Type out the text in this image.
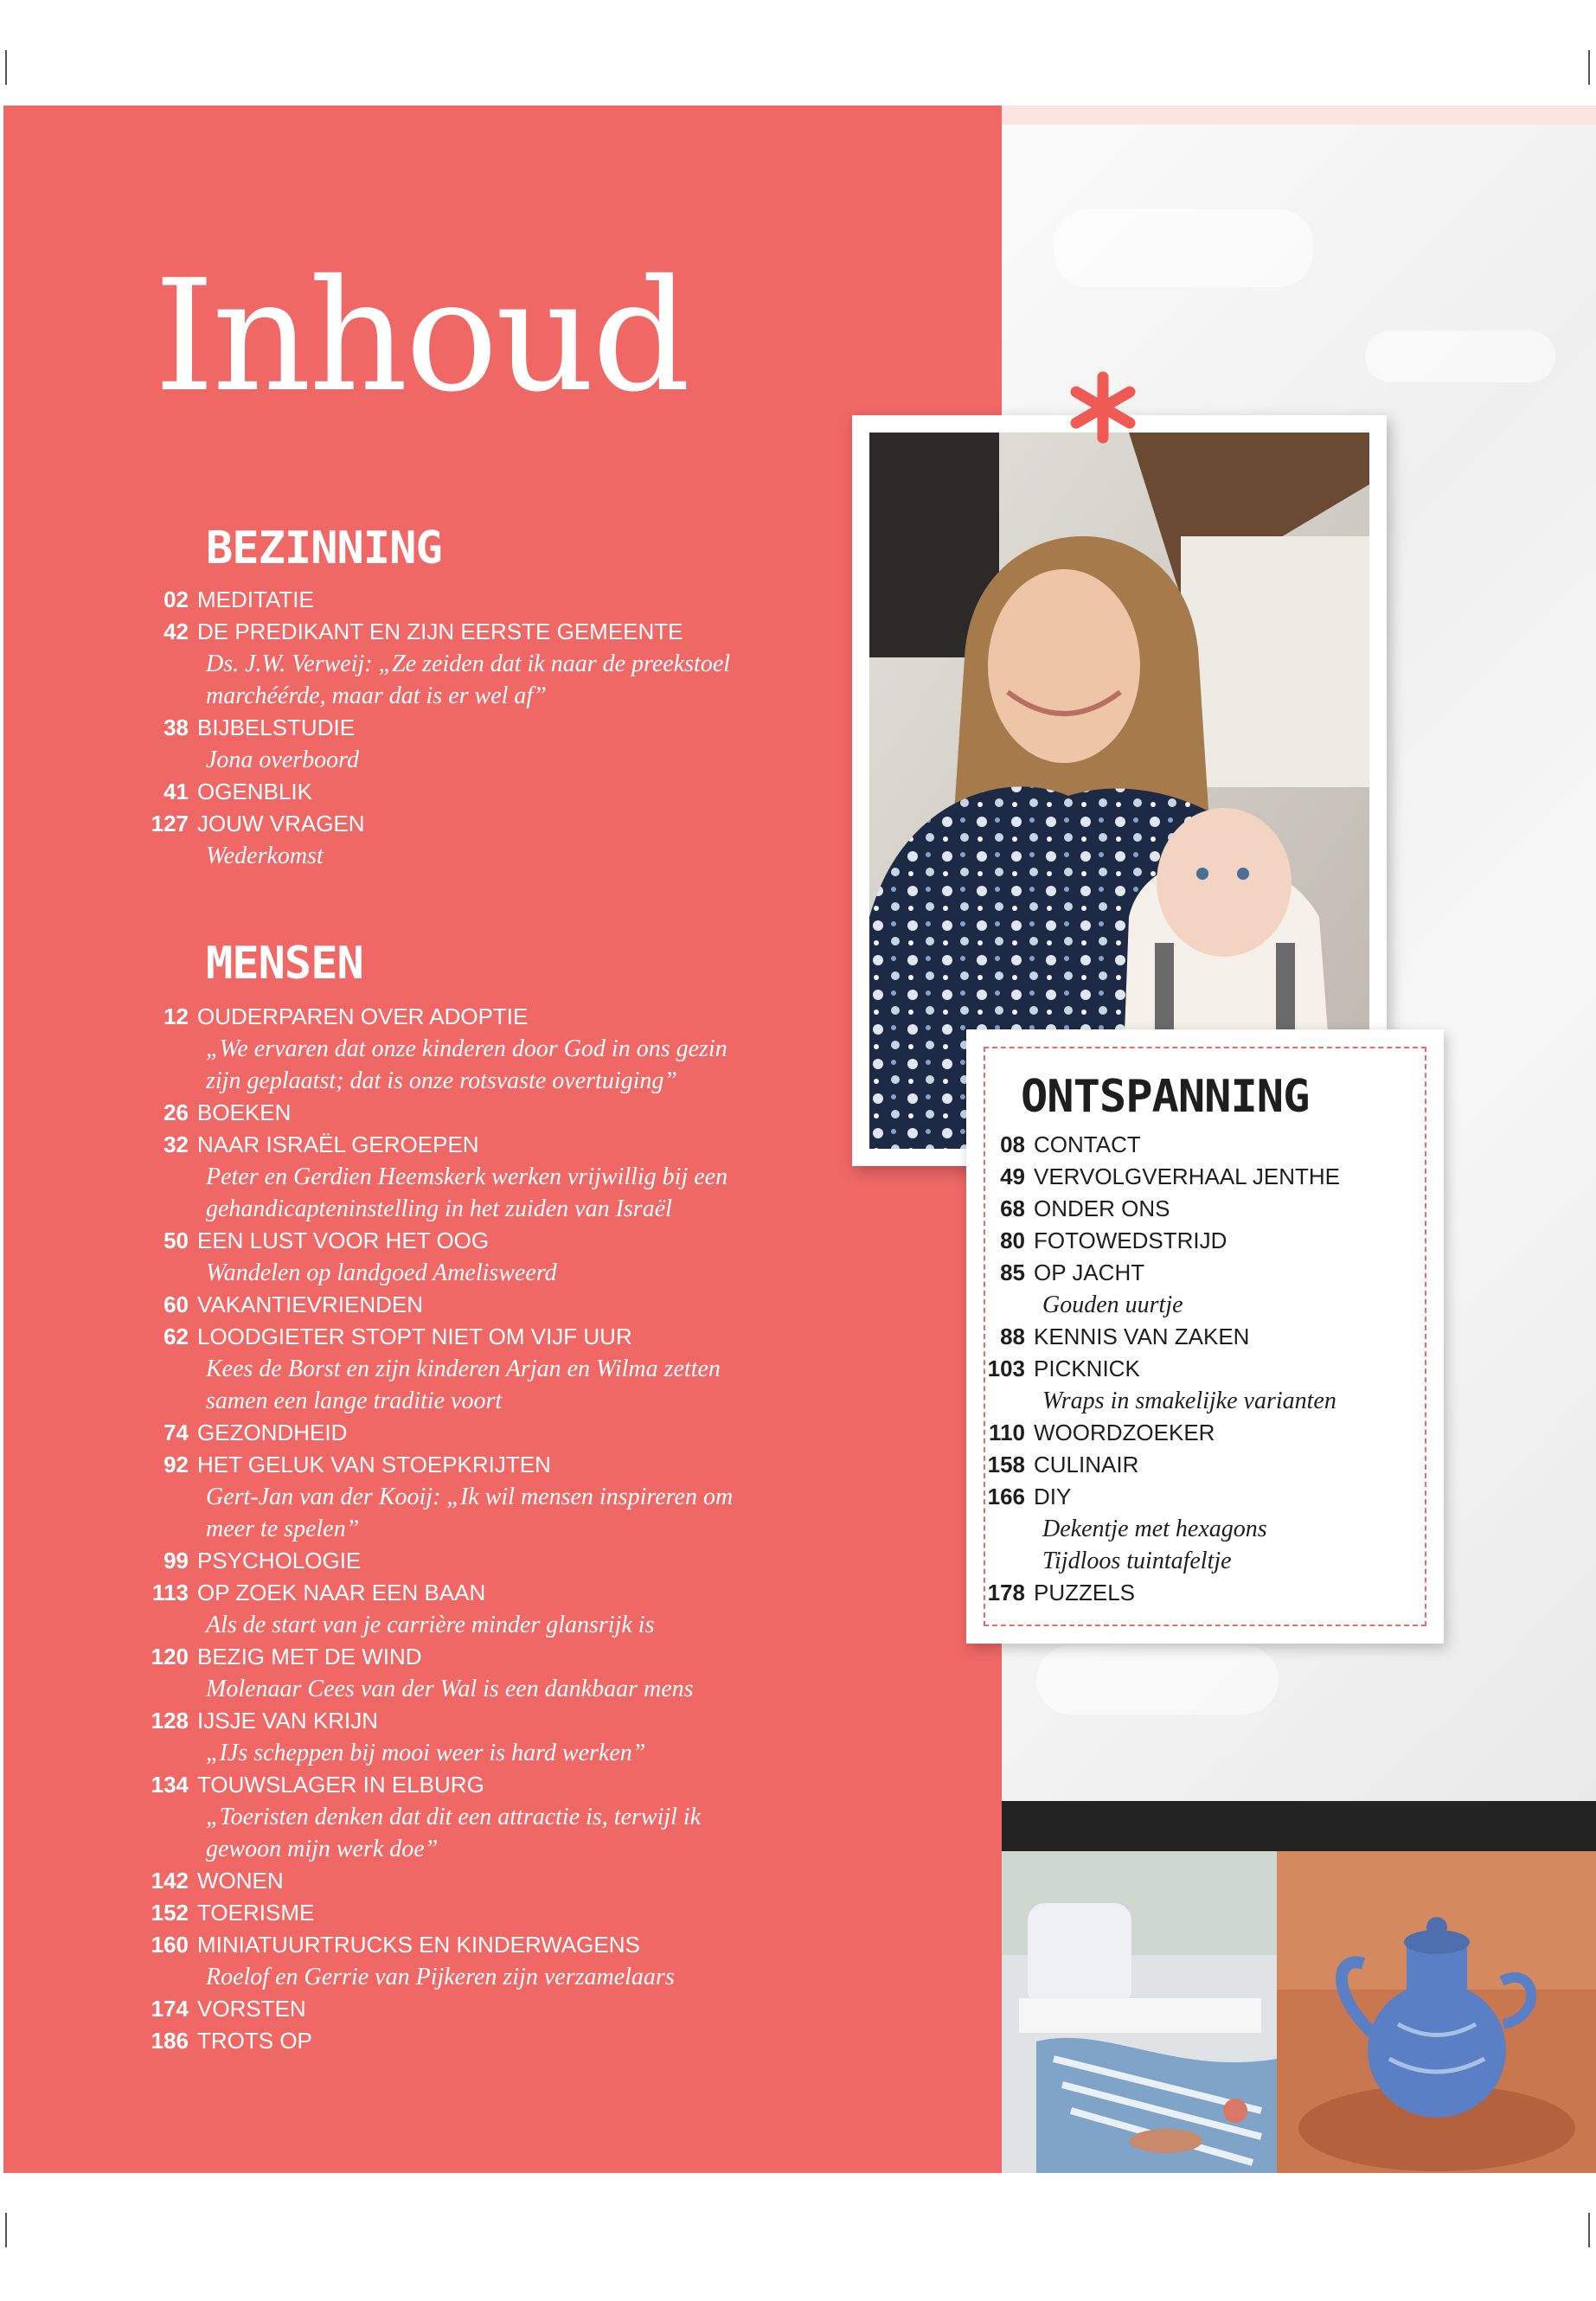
Inhoud
BEZINNING
02 MEDITATIE
42 DE PREDIKANT EN ZIJN EERSTE GEMEENTE
Ds. J.W. Verweij: „Ze zeiden dat ik naar de preekstoel
marchéérde, maar dat is er wel af”
38 BIJBELSTUDIE
Jona overboord
41 OGENBLIK
127 JOUW VRAGEN
Wederkomst
12 OUDERPAREN OVER ADOPTIE
„We ervaren dat onze kinderen door God in ons gezin
zijn geplaatst; dat is onze rotsvaste overtuiging”
26 BOEKEN
32 NAAR ISRAËL GEROEPEN
Peter en Gerdien Heemskerk werken vrijwillig bij een
gehandicapteninstelling in het zuiden van Israël
50 EEN LUST VOOR HET OOG
Wandelen op landgoed Amelisweerd
60 VAKANTIEVRIENDEN
62 LOODGIETER STOPT NIET OM VIJF UUR
Kees de Borst en zijn kinderen Arjan en Wilma zetten
samen een lange traditie voort
74 GEZONDHEID
92 HET GELUK VAN STOEPKRIJTEN
Gert-Jan van der Kooij: „Ik wil mensen inspireren om
meer te spelen”
99 PSYCHOLOGIE
113 OP ZOEK NAAR EEN BAAN
Als de start van je carrière minder glansrijk is
120 BEZIG MET DE WIND
Molenaar Cees van der Wal is een dankbaar mens
128 IJSJE VAN KRIJN
„IJs scheppen bij mooi weer is hard werken”
134 TOUWSLAGER IN ELBURG
„Toeristen denken dat dit een attractie is, terwijl ik
gewoon mijn werk doe”
142 WONEN
152 TOERISME
160 MINIATUURTRUCKS EN KINDERWAGENS
Roelof en Gerrie van Pijkeren zijn verzamelaars
174 VORSTEN
186 TROTS OP
MENSEN
ONTSPANNING
08 CONTACT
49 VERVOLGVERHAAL JENTHE
68 ONDER ONS
80 FOTOWEDSTRIJD
85 OP JACHT
Gouden uurtje
88 KENNIS VAN ZAKEN
103 PICKNICK
Wraps in smakelijke varianten
110 WOORDZOEKER
158 CULINAIR
166 DIY
Dekentje met hexagons
Tijdloos tuintafeltje
178 PUZZELS
